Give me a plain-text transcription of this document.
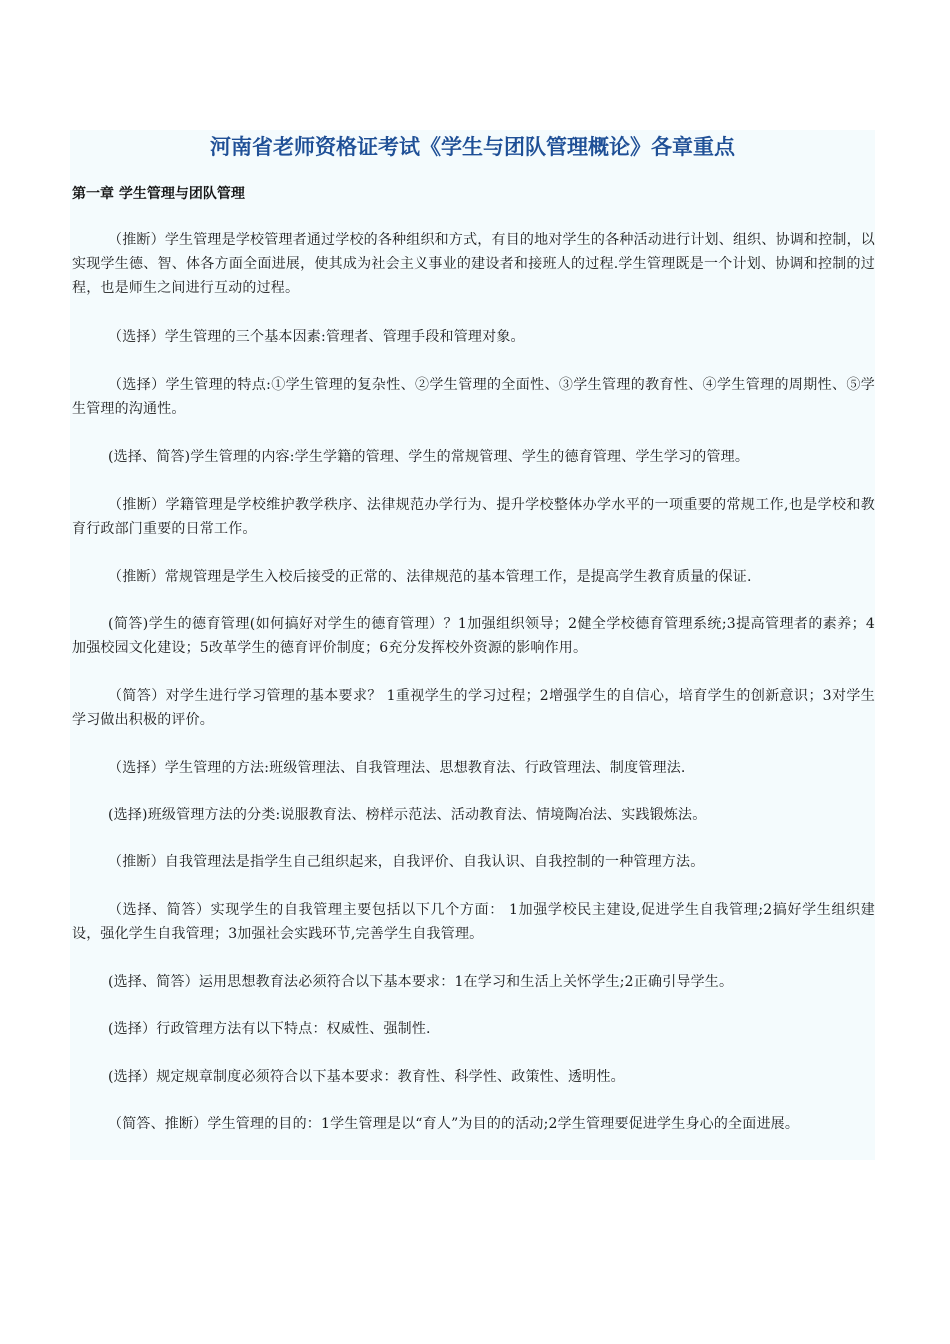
河南省老师资格证考试《学生与团队管理概论》各章重点
第一章 学生管理与团队管理

（推断）学生管理是学校管理者通过学校的各种组织和方式，有目的地对学生的各种活动进行计划、组织、协调和控制，以实现学生德、智、体各方面全面进展，使其成为社会主义事业的建设者和接班人的过程.学生管理既是一个计划、协调和控制的过程，也是师生之间进行互动的过程。

（选择）学生管理的三个基本因素:管理者、管理手段和管理对象。

（选择）学生管理的特点:①学生管理的复杂性、②学生管理的全面性、③学生管理的教育性、④学生管理的周期性、⑤学生管理的沟通性。

(选择、简答)学生管理的内容:学生学籍的管理、学生的常规管理、学生的德育管理、学生学习的管理。

（推断）学籍管理是学校维护教学秩序、法律规范办学行为、提升学校整体办学水平的一项重要的常规工作,也是学校和教育行政部门重要的日常工作。

（推断）常规管理是学生入校后接受的正常的、法律规范的基本管理工作，是提高学生教育质量的保证.

(简答)学生的德育管理(如何搞好对学生的德育管理）？1加强组织领导；2健全学校德育管理系统;3提高管理者的素养；4加强校园文化建设；5改革学生的德育评价制度；6充分发挥校外资源的影响作用。

（简答）对学生进行学习管理的基本要求？ 1重视学生的学习过程；2增强学生的自信心，培育学生的创新意识；3对学生学习做出积极的评价。

（选择）学生管理的方法:班级管理法、自我管理法、思想教育法、行政管理法、制度管理法.

(选择)班级管理方法的分类:说服教育法、榜样示范法、活动教育法、情境陶冶法、实践锻炼法。

（推断）自我管理法是指学生自己组织起来，自我评价、自我认识、自我控制的一种管理方法。

（选择、简答）实现学生的自我管理主要包括以下几个方面： 1加强学校民主建设,促进学生自我管理;2搞好学生组织建设，强化学生自我管理；3加强社会实践环节,完善学生自我管理。

(选择、简答）运用思想教育法必须符合以下基本要求：1在学习和生活上关怀学生;2正确引导学生。

(选择）行政管理方法有以下特点：权威性、强制性.

(选择）规定规章制度必须符合以下基本要求：教育性、科学性、政策性、透明性。

（简答、推断）学生管理的目的：1学生管理是以“育人”为目的的活动;2学生管理要促进学生身心的全面进展。
